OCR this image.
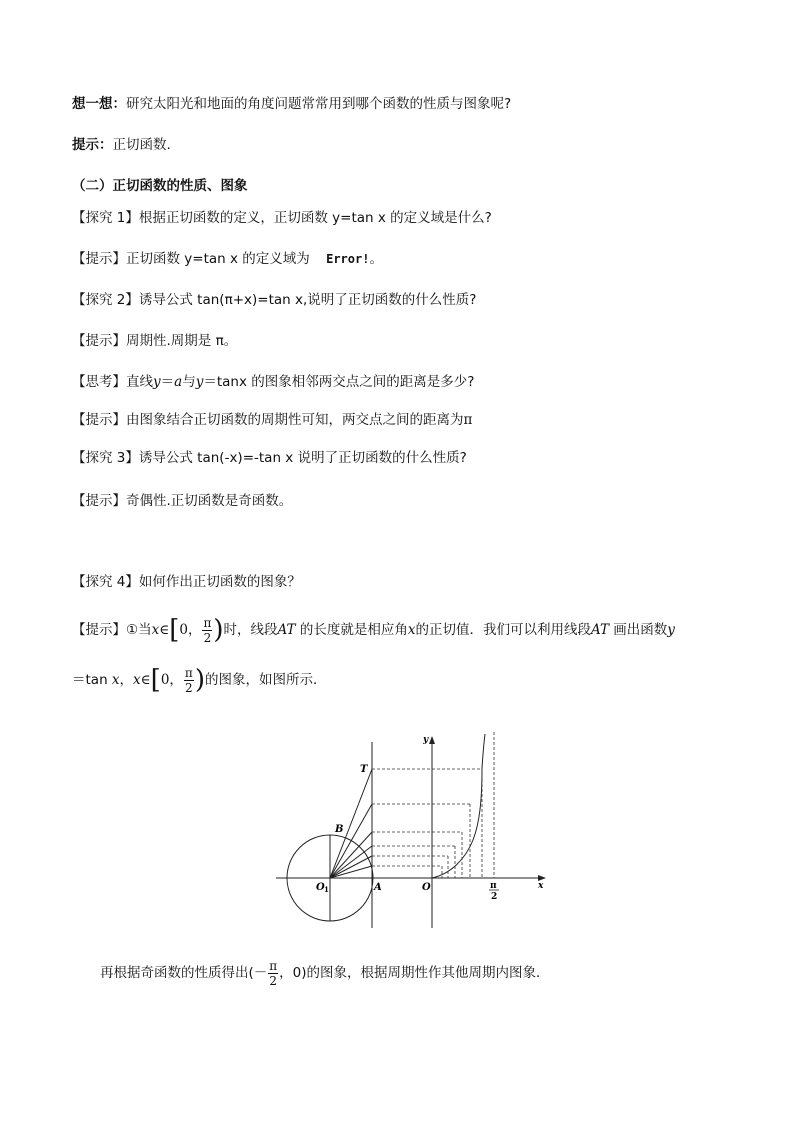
想一想：研究太阳光和地面的角度问题常常用到哪个函数的性质与图象呢?
提示：正切函数.
（二）正切函数的性质、图象
【探究 1】根据正切函数的定义，正切函数 y=tan x 的定义域是什么?
【提示】正切函数 y=tan x 的定义域为 Error!。
【探究 2】诱导公式 tan(π+x)=tan x,说明了正切函数的什么性质?
【提示】周期性.周期是 π。
【思考】直线y＝a与y＝tanx 的图象相邻两交点之间的距离是多少?
【提示】由图象结合正切函数的周期性可知，两交点之间的距离为π
【探究 3】诱导公式 tan(-x)=-tan x 说明了正切函数的什么性质?
【提示】奇偶性.正切函数是奇函数。
【探究 4】如何作出正切函数的图象？
【提示】①当x∈[0， $\frac{\pi}{2}$ )时，线段AT 的长度就是相应角x的正切值．我们可以利用线段AT 画出函数y
＝tan x，x∈[0， $\frac{\pi}{2}$ )的图象，如图所示．
T
B
O 1	A	O
y
x
π
2
再根据奇函数的性质得出(－ $\frac{\pi}{2}$ ，0)的图象，根据周期性作其他周期内图象．
